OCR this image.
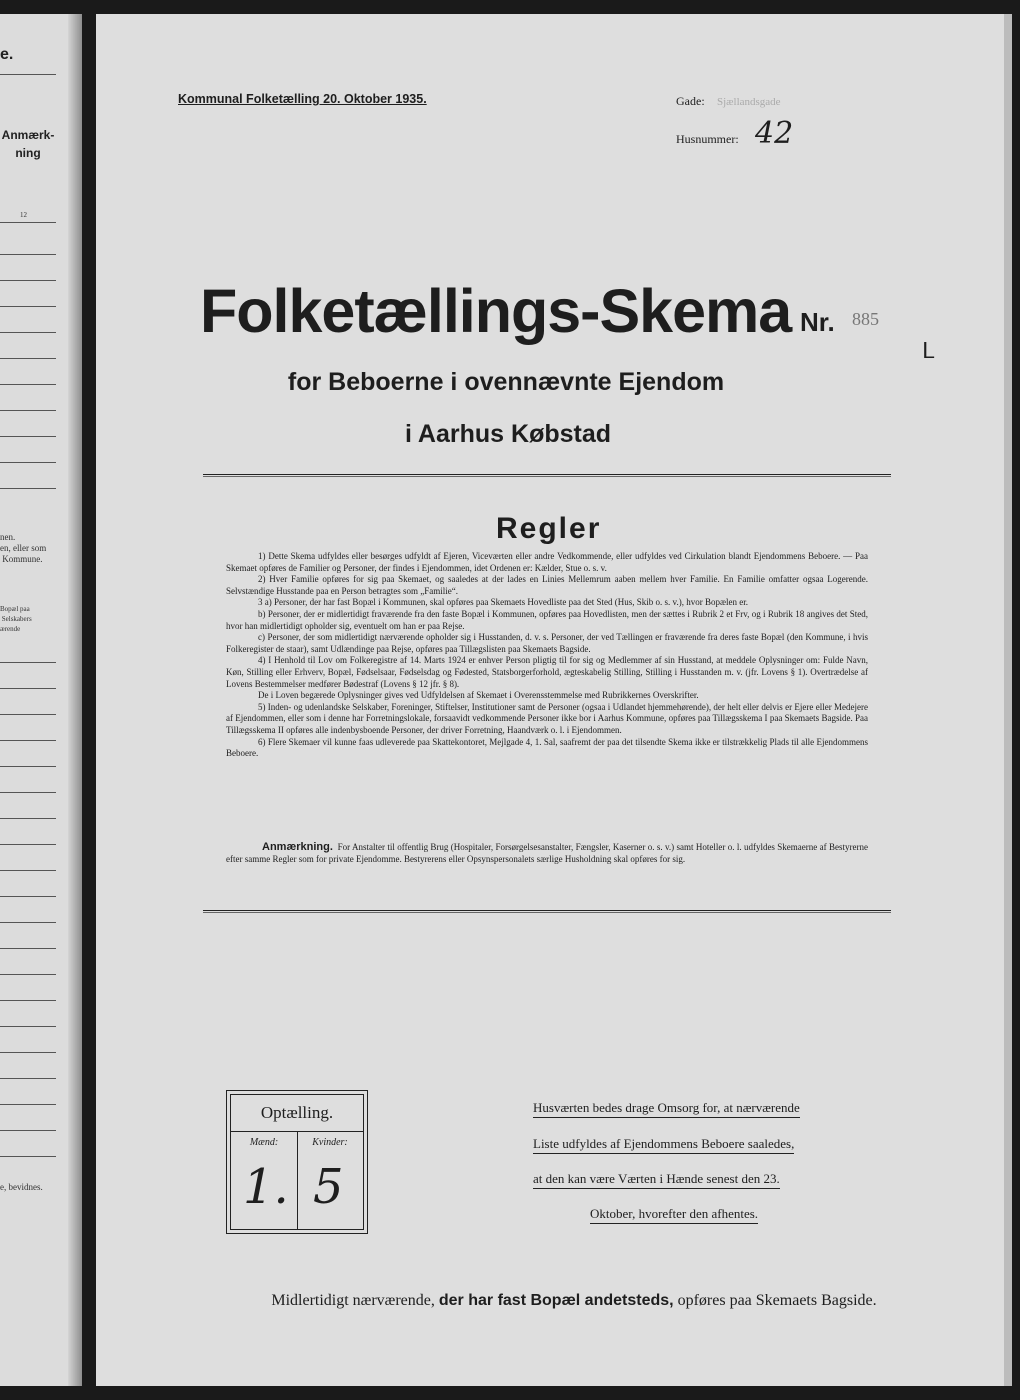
e.
Anmærk-
ning
12
nen.
en, eller som
Kommune.
Bopæl paa
Selskabers
ærende
e, bevidnes.
Kommunal Folketælling 20. Oktober 1935.	Gade: Sjællandsgade
Husnummer: 42
Folketællings-Skema Nr. 885
ᒪ
for Beboerne i ovennævnte Ejendom
i Aarhus Købstad
Regler

1) Dette Skema udfyldes eller besørges udfyldt af Ejeren, Viceværten eller andre Vedkommende, eller udfyldes ved Cirkulation blandt Ejendommens Beboere. — Paa Skemaet opføres de Familier og Personer, der findes i Ejendommen, idet Ordenen er: Kælder, Stue o. s. v.

2) Hver Familie opføres for sig paa Skemaet, og saaledes at der lades en Linies Mellemrum aaben mellem hver Familie. En Familie omfatter ogsaa Logerende. Selvstændige Husstande paa en Person betragtes som „Familie“.

3 a) Personer, der har fast Bopæl i Kommunen, skal opføres paa Skemaets Hovedliste paa det Sted (Hus, Skib o. s. v.), hvor Bopælen er.

b) Personer, der er midlertidigt fraværende fra den faste Bopæl i Kommunen, opføres paa Hovedlisten, men der sættes i Rubrik 2 et Frv, og i Rubrik 18 angives det Sted, hvor han midlertidigt opholder sig, eventuelt om han er paa Rejse.

c) Personer, der som midlertidigt nærværende opholder sig i Husstanden, d. v. s. Personer, der ved Tællingen er fraværende fra deres faste Bopæl (den Kommune, i hvis Folkeregister de staar), samt Udlændinge paa Rejse, opføres paa Tillægslisten paa Skemaets Bagside.

4) I Henhold til Lov om Folkeregistre af 14. Marts 1924 er enhver Person pligtig til for sig og Medlemmer af sin Husstand, at meddele Oplysninger om: Fulde Navn, Køn, Stilling eller Erhverv, Bopæl, Fødselsaar, Fødselsdag og Fødested, Statsborgerforhold, ægteskabelig Stilling, Stilling i Husstanden m. v. (jfr. Lovens § 1). Overtrædelse af Lovens Bestemmelser medfører Bødestraf (Lovens § 12 jfr. § 8).

De i Loven begærede Oplysninger gives ved Udfyldelsen af Skemaet i Overensstemmelse med Rubrikkernes Overskrifter.

5) Inden- og udenlandske Selskaber, Foreninger, Stiftelser, Institutioner samt de Personer (ogsaa i Udlandet hjemmehørende), der helt eller delvis er Ejere eller Medejere af Ejendommen, eller som i denne har Forretningslokale, forsaavidt vedkommende Personer ikke bor i Aarhus Kommune, opføres paa Tillægsskema I paa Skemaets Bagside. Paa Tillægsskema II opføres alle indenbysboende Personer, der driver Forretning, Haandværk o. l. i Ejendommen.

6) Flere Skemaer vil kunne faas udleverede paa Skattekontoret, Mejlgade 4, 1. Sal, saafremt der paa det tilsendte Skema ikke er tilstrækkelig Plads til alle Ejendommens Beboere.

Anmærkning. For Anstalter til offentlig Brug (Hospitaler, Forsørgelsesanstalter, Fængsler, Kaserner o. s. v.) samt Hoteller o. l. udfyldes Skemaerne af Bestyrerne efter samme Regler som for private Ejendomme. Bestyrerens eller Opsynspersonalets særlige Husholdning skal opføres for sig.
Optælling.
Mænd:	Kvinder:
1. 5
Husværten bedes drage Omsorg for, at nærværende
Liste udfyldes af Ejendommens Beboere saaledes,
at den kan være Værten i Hænde senest den 23.
Oktober, hvorefter den afhentes.
Midlertidigt nærværende, der har fast Bopæl andetsteds, opføres paa Skemaets Bagside.
